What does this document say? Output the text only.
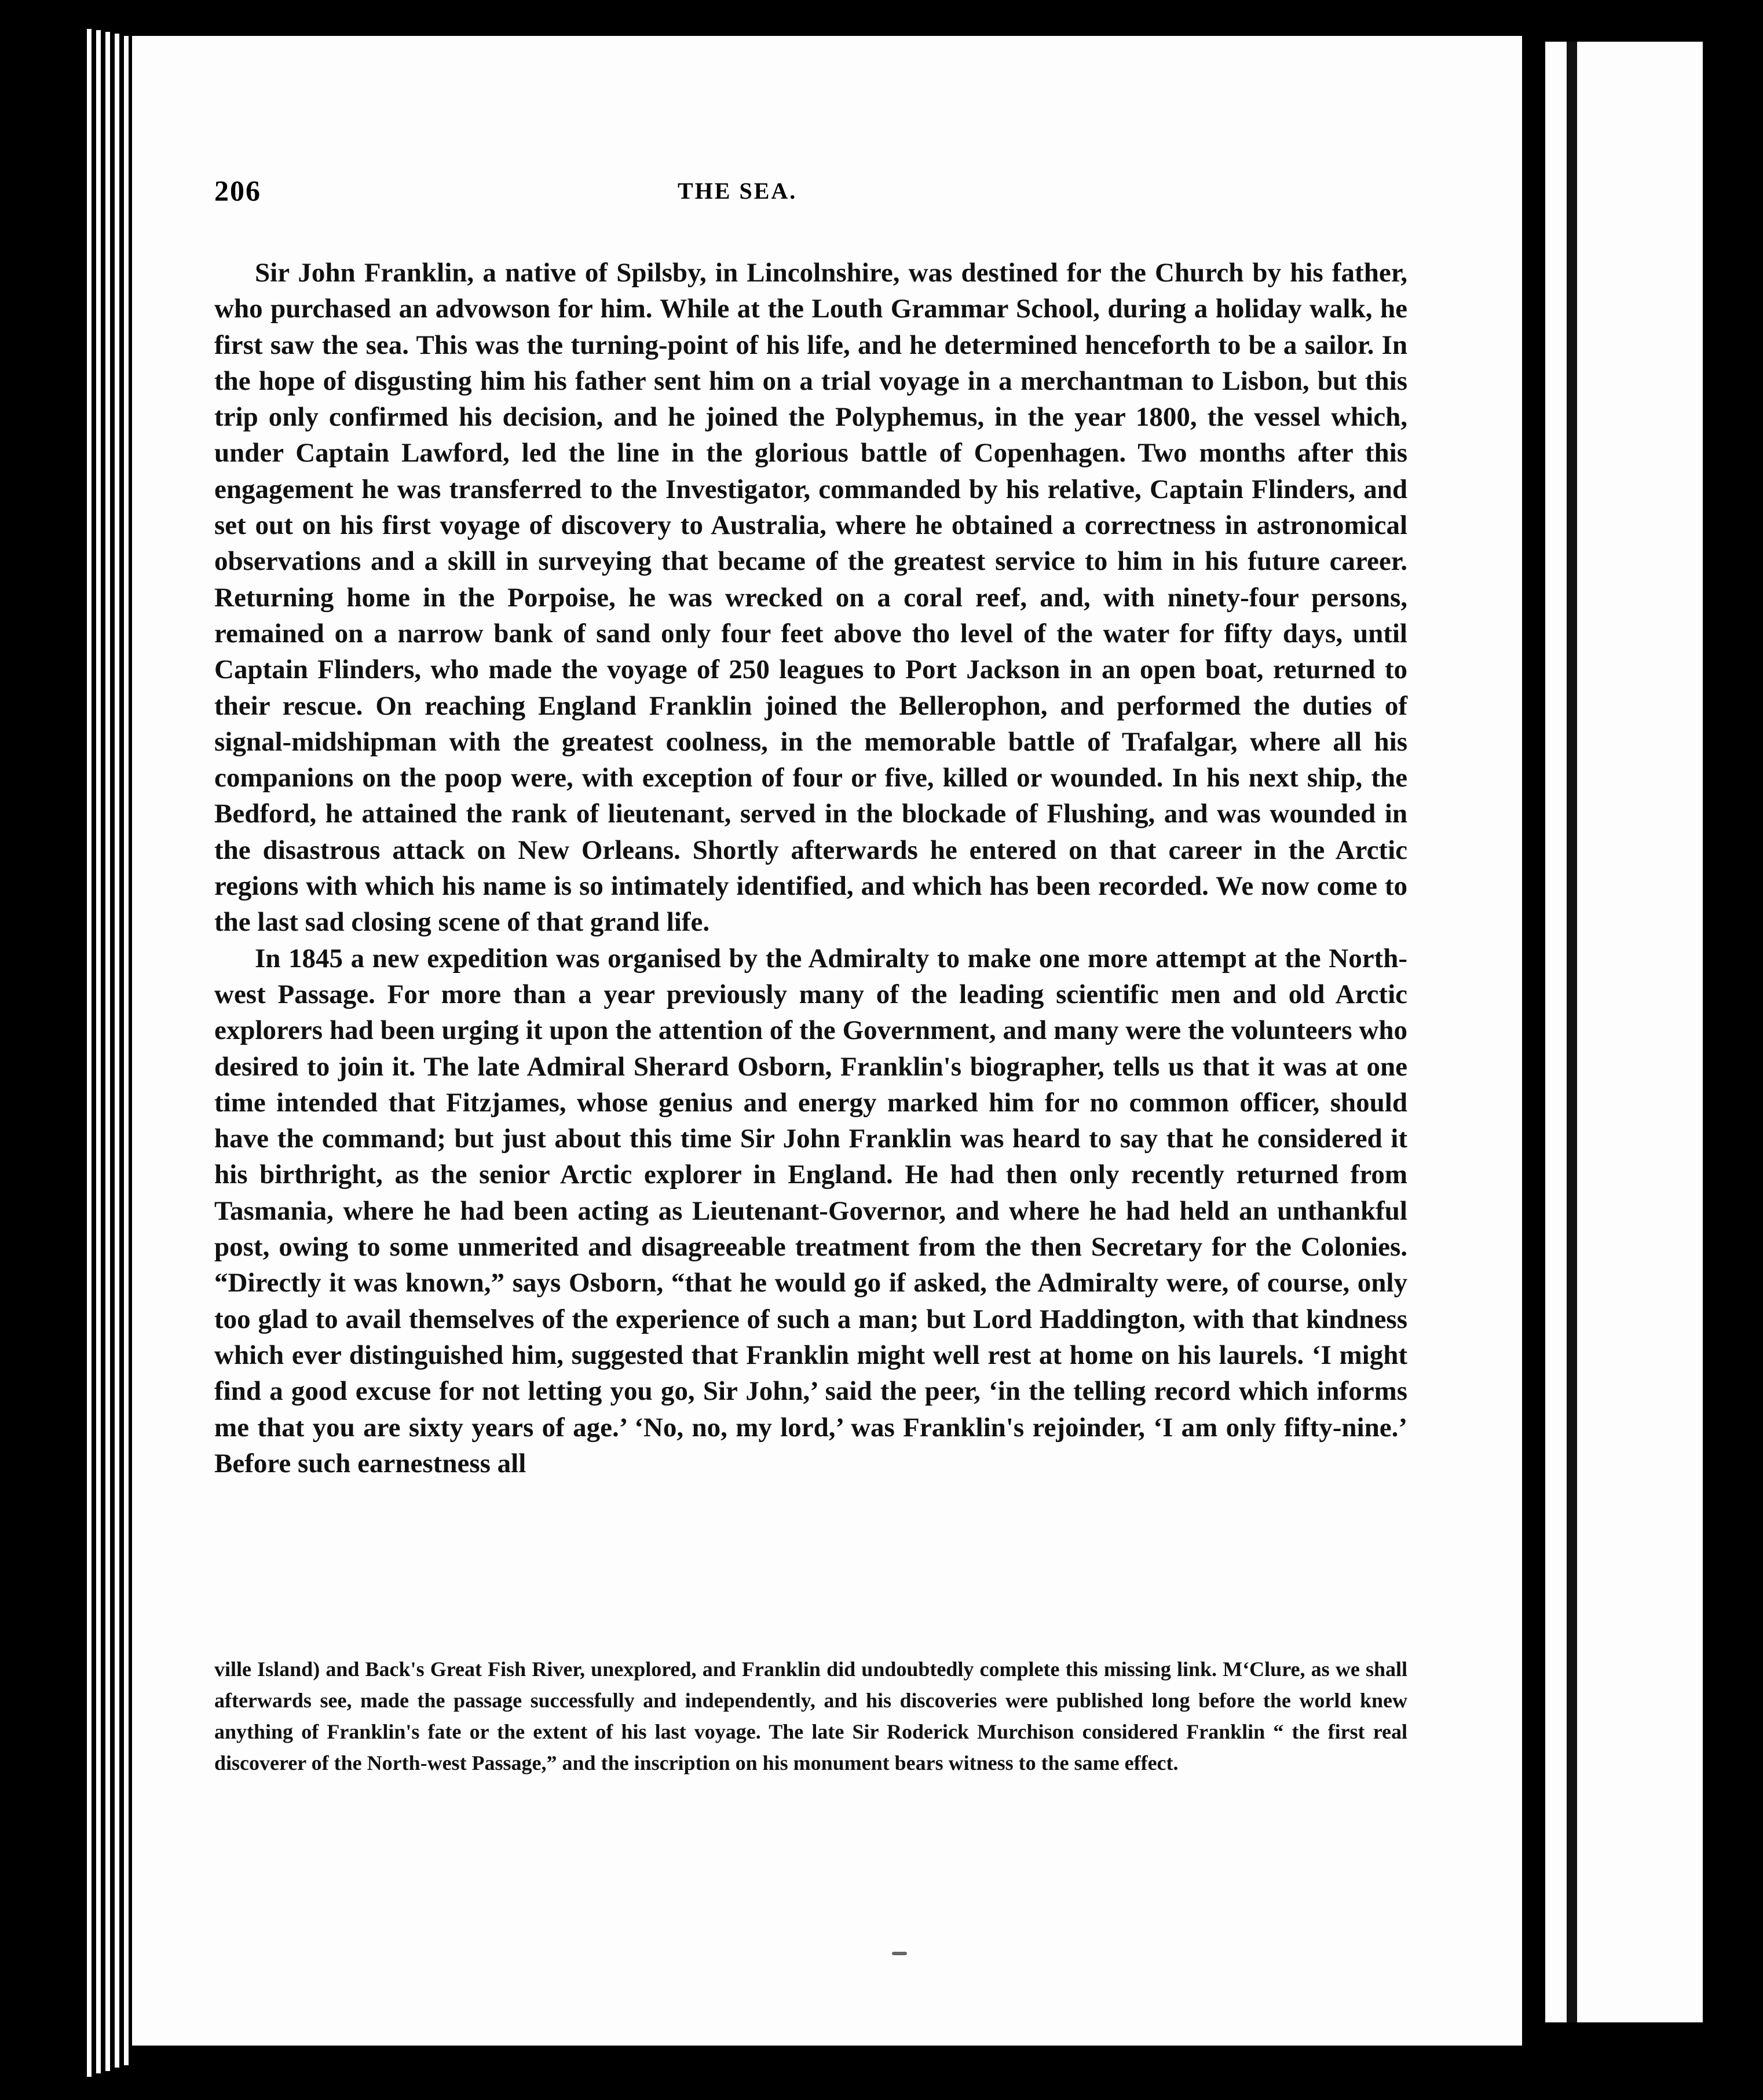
206	THE SEA.

Sir John Franklin, a native of Spilsby, in Lincolnshire, was destined for the Church by his father, who purchased an advowson for him. While at the Louth Grammar School, during a holiday walk, he first saw the sea. This was the turning-point of his life, and he determined henceforth to be a sailor. In the hope of disgusting him his father sent him on a trial voyage in a merchantman to Lisbon, but this trip only confirmed his decision, and he joined the Polyphemus, in the year 1800, the vessel which, under Captain Lawford, led the line in the glorious battle of Copenhagen. Two months after this engagement he was transferred to the Investigator, commanded by his relative, Captain Flinders, and set out on his first voyage of discovery to Australia, where he obtained a correctness in astronomical observations and a skill in surveying that became of the greatest service to him in his future career. Returning home in the Porpoise, he was wrecked on a coral reef, and, with ninety-four persons, remained on a narrow bank of sand only four feet above tho level of the water for fifty days, until Captain Flinders, who made the voyage of 250 leagues to Port Jackson in an open boat, returned to their rescue. On reaching England Franklin joined the Bellerophon, and performed the duties of signal-midshipman with the greatest coolness, in the memorable battle of Trafalgar, where all his companions on the poop were, with exception of four or five, killed or wounded. In his next ship, the Bedford, he attained the rank of lieutenant, served in the blockade of Flushing, and was wounded in the disastrous attack on New Orleans. Shortly afterwards he entered on that career in the Arctic regions with which his name is so intimately identified, and which has been recorded. We now come to the last sad closing scene of that grand life.

In 1845 a new expedition was organised by the Admiralty to make one more attempt at the North-west Passage. For more than a year previously many of the leading scientific men and old Arctic explorers had been urging it upon the attention of the Government, and many were the volunteers who desired to join it. The late Admiral Sherard Osborn, Franklin's biographer, tells us that it was at one time intended that Fitzjames, whose genius and energy marked him for no common officer, should have the command; but just about this time Sir John Franklin was heard to say that he considered it his birthright, as the senior Arctic explorer in England. He had then only recently returned from Tasmania, where he had been acting as Lieutenant-Governor, and where he had held an unthankful post, owing to some unmerited and disagreeable treatment from the then Secretary for the Colonies. “Directly it was known,” says Osborn, “that he would go if asked, the Admiralty were, of course, only too glad to avail themselves of the experience of such a man; but Lord Haddington, with that kindness which ever distinguished him, suggested that Franklin might well rest at home on his laurels. ‘I might find a good excuse for not letting you go, Sir John,’ said the peer, ‘in the telling record which informs me that you are sixty years of age.’ ‘No, no, my lord,’ was Franklin's rejoinder, ‘I am only fifty-nine.’ Before such earnestness all

ville Island) and Back's Great Fish River, unexplored, and Franklin did undoubtedly complete this missing link. M‘Clure, as we shall afterwards see, made the passage successfully and independently, and his discoveries were published long before the world knew anything of Franklin's fate or the extent of his last voyage. The late Sir Roderick Murchison considered Franklin “ the first real discoverer of the North-west Passage,” and the inscription on his monument bears witness to the same effect.
